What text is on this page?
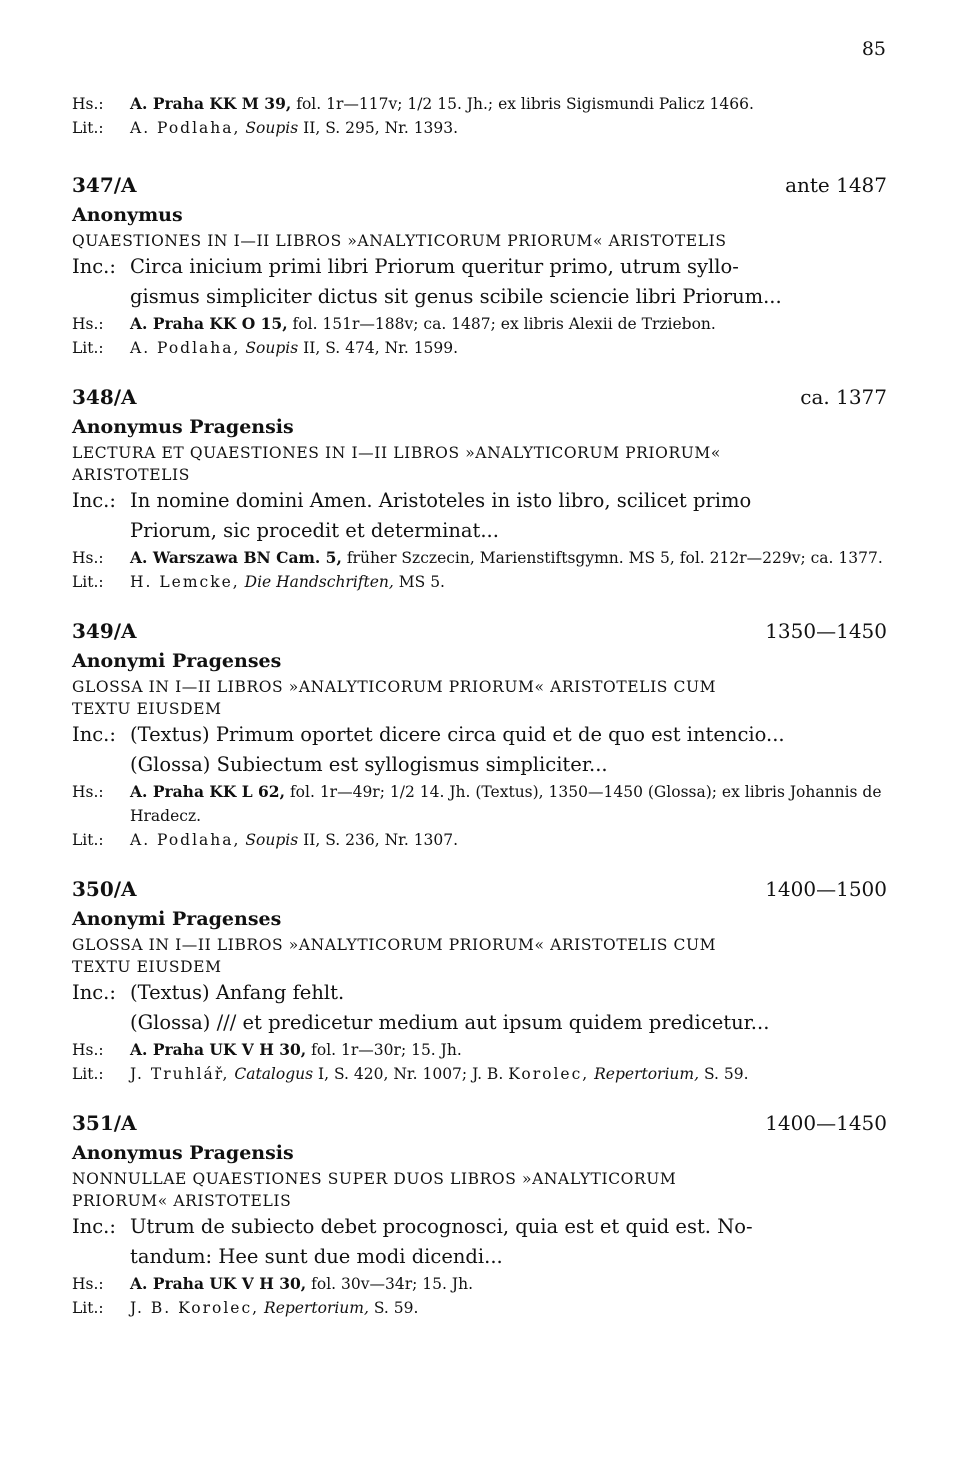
85
Hs.:	A. Praha KK M 39, fol. 1r—117v; 1/2 15. Jh.; ex libris Sigismundi Palicz 1466.
Lit.:	A. Podlaha, Soupis II, S. 295, Nr. 1393.
347/A	ante 1487
Anonymus
QUAESTIONES IN I—II LIBROS »ANALYTICORUM PRIORUM« ARISTOTELIS
Inc.: Circa inicium primi libri Priorum queritur primo, utrum syllo-
gismus simpliciter dictus sit genus scibile sciencie libri Priorum...
Hs.:	A. Praha KK O 15, fol. 151r—188v; ca. 1487; ex libris Alexii de Trziebon.
Lit.:	A. Podlaha, Soupis II, S. 474, Nr. 1599.
348/A	ca. 1377
Anonymus Pragensis
LECTURA ET QUAESTIONES IN I—II LIBROS »ANALYTICORUM PRIORUM«
ARISTOTELIS
Inc.: In nomine domini Amen. Aristoteles in isto libro, scilicet primo
Priorum, sic procedit et determinat...
Hs.:	A. Warszawa BN Cam. 5, früher Szczecin, Marienstiftsgymn. MS 5, fol. 212r—229v; ca. 1377.
Lit.:	H. Lemcke, Die Handschriften, MS 5.
349/A	1350—1450
Anonymi Pragenses
GLOSSA IN I—II LIBROS »ANALYTICORUM PRIORUM« ARISTOTELIS CUM
TEXTU EIUSDEM
Inc.: (Textus) Primum oportet dicere circa quid et de quo est intencio...
(Glossa) Subiectum est syllogismus simpliciter...
Hs.:	A. Praha KK L 62, fol. 1r—49r; 1/2 14. Jh. (Textus), 1350—1450 (Glossa); ex libris Johannis de Hradecz.
Lit.:	A. Podlaha, Soupis II, S. 236, Nr. 1307.
350/A	1400—1500
Anonymi Pragenses
GLOSSA IN I—II LIBROS »ANALYTICORUM PRIORUM« ARISTOTELIS CUM
TEXTU EIUSDEM
Inc.: (Textus) Anfang fehlt.
(Glossa) /// et predicetur medium aut ipsum quidem predicetur...
Hs.:	A. Praha UK V H 30, fol. 1r—30r; 15. Jh.
Lit.:	J. Truhlář, Catalogus I, S. 420, Nr. 1007; J. B. Korolec, Repertorium, S. 59.
351/A	1400—1450
Anonymus Pragensis
NONNULLAE QUAESTIONES SUPER DUOS LIBROS »ANALYTICORUM
PRIORUM« ARISTOTELIS
Inc.: Utrum de subiecto debet procognosci, quia est et quid est. No-
tandum: Hee sunt due modi dicendi...
Hs.:	A. Praha UK V H 30, fol. 30v—34r; 15. Jh.
Lit.:	J. B. Korolec, Repertorium, S. 59.
